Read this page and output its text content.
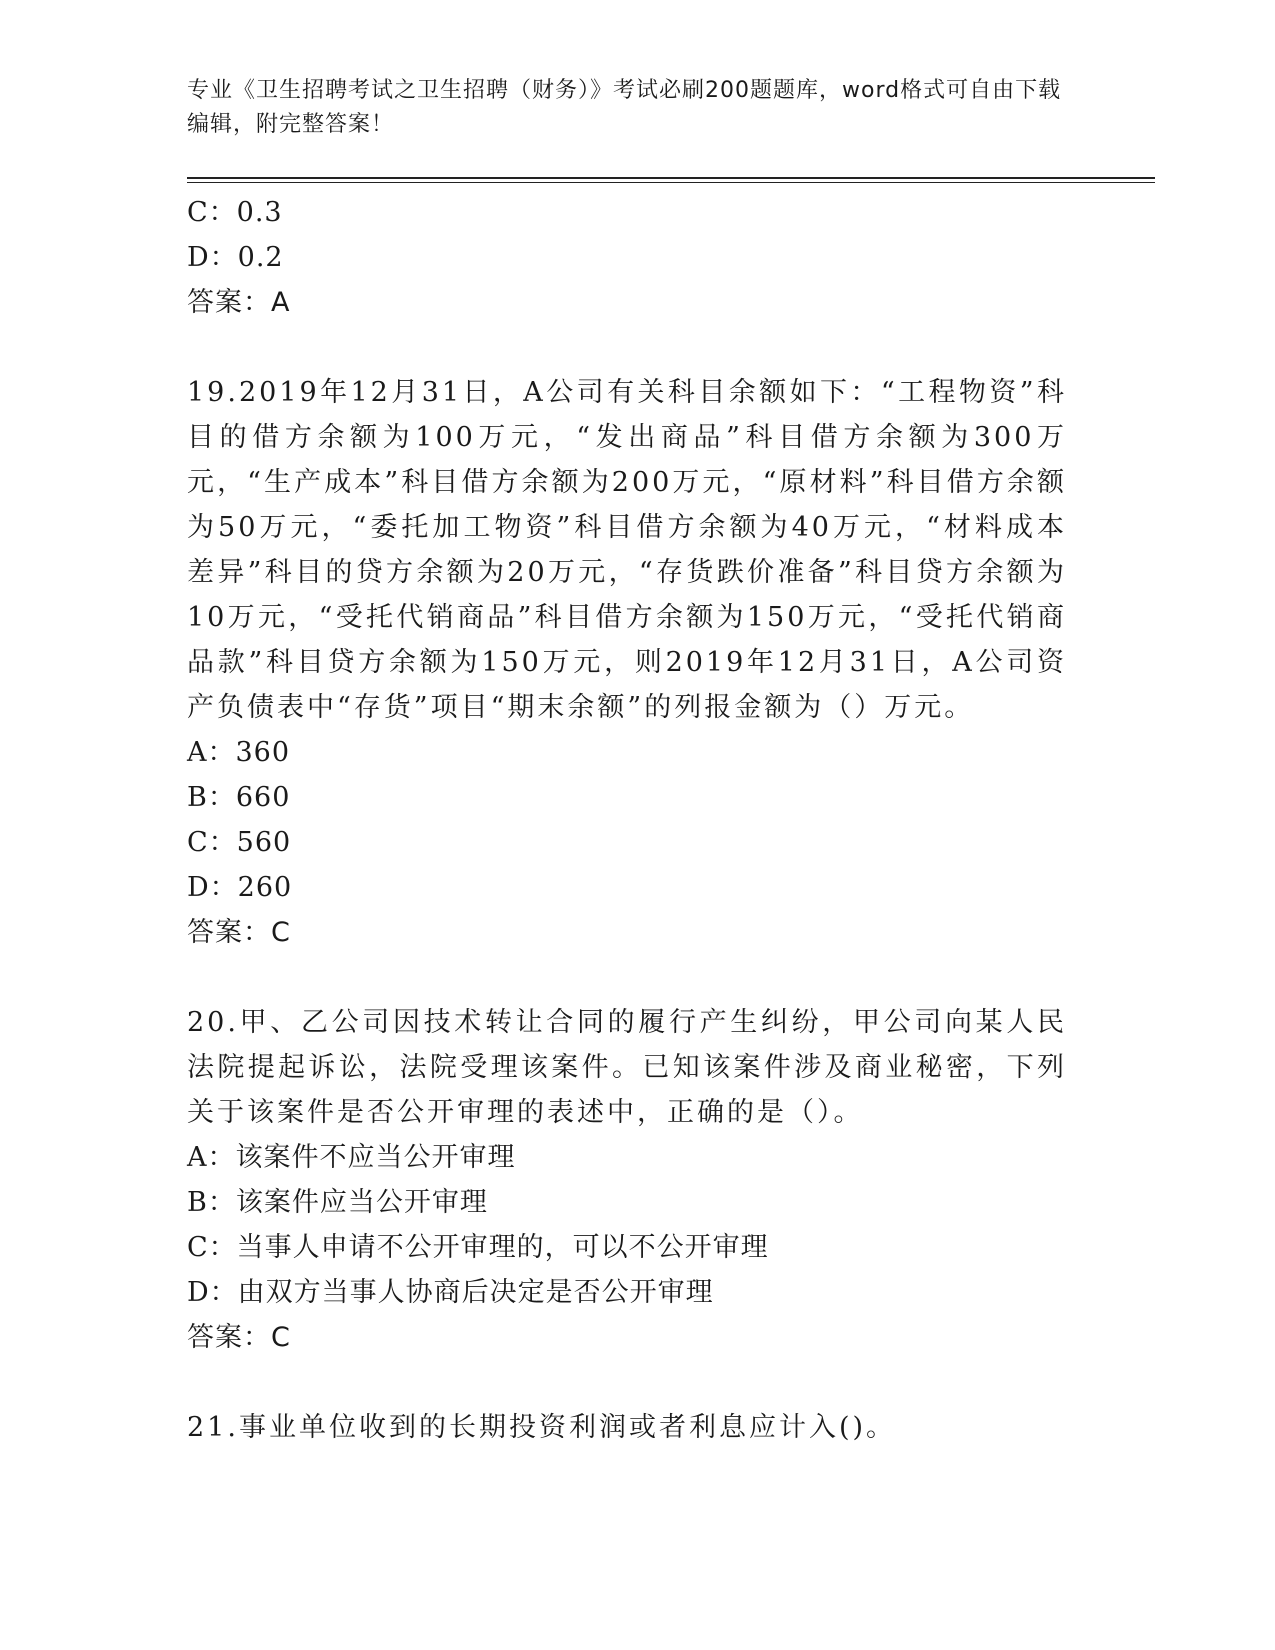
专业《卫生招聘考试之卫生招聘（财务）》考试必刷200题题库，word格式可自由下载编辑，附完整答案！
C：0.3
D：0.2
答案：A
19.2019年12月31日，A公司有关科目余额如下：“工程物资”科目的借方余额为100万元，“发出商品”科目借方余额为300万元，“生产成本”科目借方余额为200万元，“原材料”科目借方余额为50万元，“委托加工物资”科目借方余额为40万元，“材料成本差异”科目的贷方余额为20万元，“存货跌价准备”科目贷方余额为10万元，“受托代销商品”科目借方余额为150万元，“受托代销商品款”科目贷方余额为150万元，则2019年12月31日，A公司资产负债表中“存货”项目“期末余额”的列报金额为（）万元。
A：360
B：660
C：560
D：260
答案：C
20.甲、乙公司因技术转让合同的履行产生纠纷，甲公司向某人民法院提起诉讼，法院受理该案件。已知该案件涉及商业秘密，下列关于该案件是否公开审理的表述中，正确的是（）。
A：该案件不应当公开审理
B：该案件应当公开审理
C：当事人申请不公开审理的，可以不公开审理
D：由双方当事人协商后决定是否公开审理
答案：C
21.事业单位收到的长期投资利润或者利息应计入()。
